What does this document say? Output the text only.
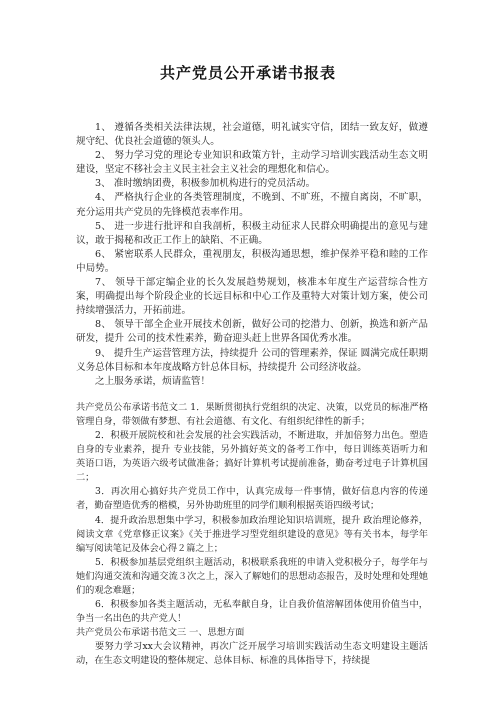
共产党员公开承诺书报表

1、 遵循各类相关法律法规，社会道德，明礼诚实守信，团结一致友好，做遵规守纪、优良社会道德的领头人。

2、 努力学习党的理论专业知识和政策方针，主动学习培训实践活动生态文明建设，坚定不移社会主义民主社会主义社会的理想化和信心。

3、 准时缴纳团费，积极参加机构进行的党员活动。

4、 严格执行企业的各类管理制度，不晚到、不旷班，不擅自离岗，不旷职，充分运用共产党员的先锋模范表率作用。

5、 进一步进行批评和自我剖析，积极主动征求人民群众明确提出的意见与建议，敢于揭秘和改正工作上的缺陷、不正确。

6、 紧密联系人民群众，重视朋友，积极沟通思想，维护保养平稳和睦的工作中局势。

7、 领导干部定编企业的长久发展趋势规划，核准本年度生产运营综合性方案，明确提出每个阶段企业的长远目标和中心工作及重特大对策计划方案，使公司持续增强活力，开拓前进。

8、 领导干部全企业开展技术创新，做好公司的挖潜力、创新，换选和新产品研发，提升 公司的技术性素养，勤奋迎头赶上世界各国优秀水准。

9、 提升生产运营管理方法，持续提升 公司的管理素养，保证 圆满完成任职期义务总体目标和本年度战略方针总体目标，持续提升 公司经济收益。

之上服务承诺，烦请监管！

共产党员公布承诺书范文二 1．果断贯彻执行党组织的决定、决策，以党员的标准严格管理自身，带领做有梦想、有社会道德、有文化、有组织纪律性的新手；

2．积极开展院校和社会发展的社会实践活动，不断进取，并加倍努力出色。塑造自身的专业素养，提升 专业技能，另外搞好英文的备考工作中，每日训练英语听力和英语口语，为英语六级考试做准备；搞好计算机考试提前准备，勤奋考过电子计算机国二；

3．再次用心搞好共产党员工作中，认真完成每一件事情，做好信息内容的传递者，勤奋塑造优秀的楷模，另外协助班里的同学们顺利根据英语四级考试；

4．提升政治思想集中学习，积极参加政治理论知识培训班，提升 政治理论修养，阅读文章《党章修正议案》《关于推进学习型党组织建设的意见》等有关书本，每学年编写阅读笔记及体会心得２篇之上；

5．积极参加基层党组织主题活动，积极联系我班的申请入党积极分子，每学年与她们沟通交流和沟通交流３次之上，深入了解她们的思想动态报告，及时处理和处理她们的观念难题；

6．积极参加各类主题活动，无私奉献自身，让自我价值溶解团体使用价值当中，争当一名出色的共产党人！

共产党员公布承诺书范文三 一、思想方面

要努力学习xx大会议精神，再次广泛开展学习培训实践活动生态文明建设主题活动，在生态文明建设的整体规定、总体目标、标准的具体指导下，持续提
